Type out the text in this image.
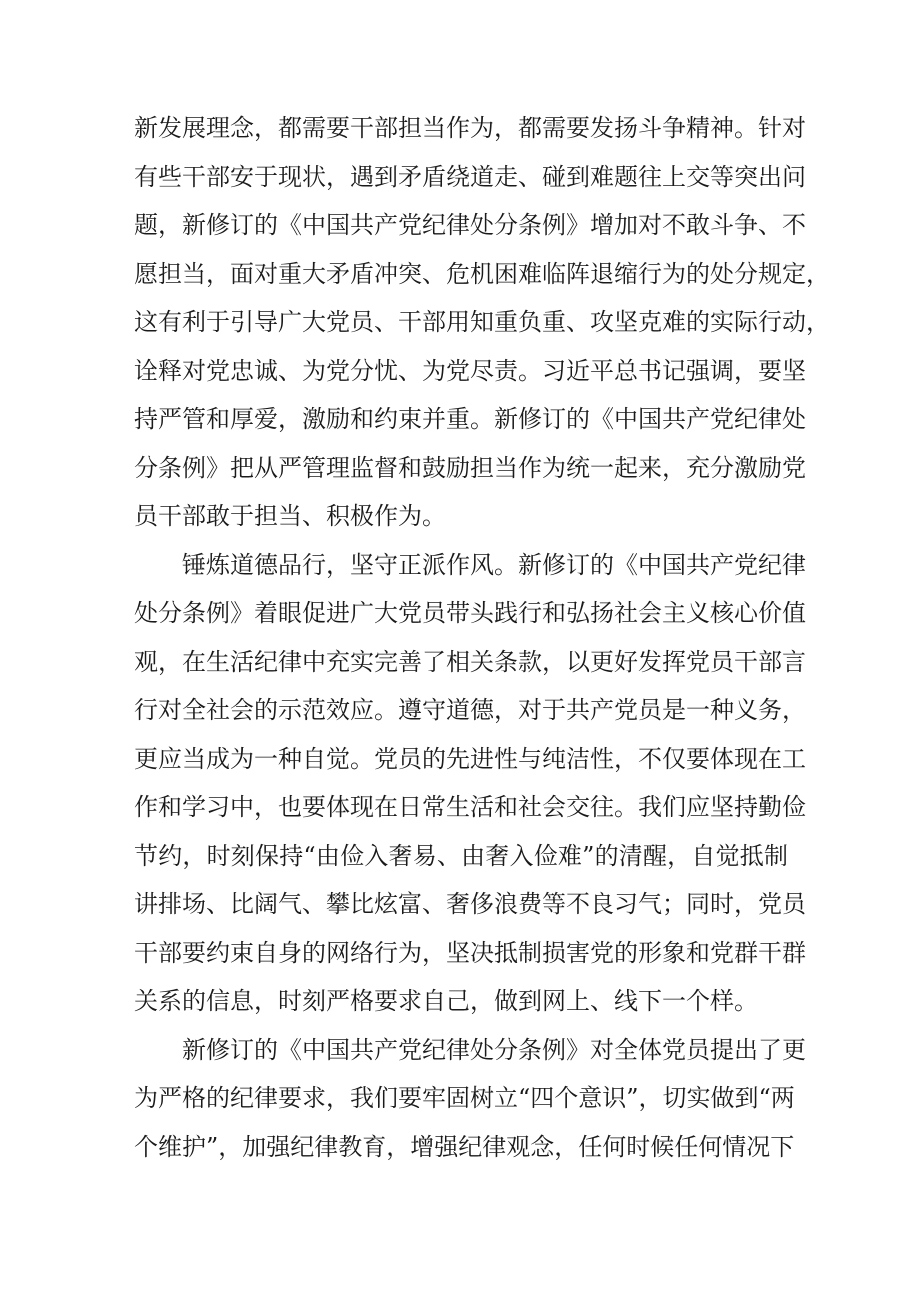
新发展理念，都需要干部担当作为，都需要发扬斗争精神。针对
有些干部安于现状，遇到矛盾绕道走、碰到难题往上交等突出问
题，新修订的《中国共产党纪律处分条例》增加对不敢斗争、不
愿担当，面对重大矛盾冲突、危机困难临阵退缩行为的处分规定，
这有利于引导广大党员、干部用知重负重、攻坚克难的实际行动，
诠释对党忠诚、为党分忧、为党尽责。习近平总书记强调，要坚
持严管和厚爱，激励和约束并重。新修订的《中国共产党纪律处
分条例》把从严管理监督和鼓励担当作为统一起来，充分激励党
员干部敢于担当、积极作为。
锤炼道德品行，坚守正派作风。新修订的《中国共产党纪律
处分条例》着眼促进广大党员带头践行和弘扬社会主义核心价值
观，在生活纪律中充实完善了相关条款，以更好发挥党员干部言
行对全社会的示范效应。遵守道德，对于共产党员是一种义务，
更应当成为一种自觉。党员的先进性与纯洁性，不仅要体现在工
作和学习中，也要体现在日常生活和社会交往。我们应坚持勤俭
节约，时刻保持“由俭入奢易、由奢入俭难”的清醒，自觉抵制
讲排场、比阔气、攀比炫富、奢侈浪费等不良习气；同时，党员
干部要约束自身的网络行为，坚决抵制损害党的形象和党群干群
关系的信息，时刻严格要求自己，做到网上、线下一个样。
新修订的《中国共产党纪律处分条例》对全体党员提出了更
为严格的纪律要求，我们要牢固树立“四个意识”，切实做到“两
个维护”，加强纪律教育，增强纪律观念，任何时候任何情况下
